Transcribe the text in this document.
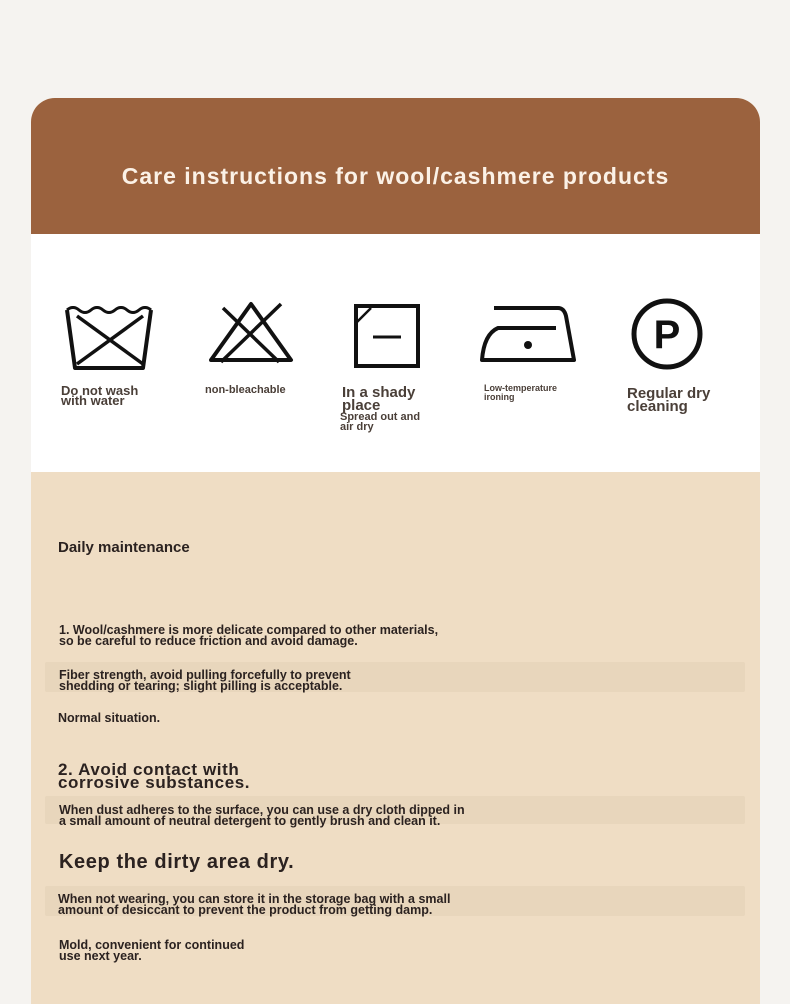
Care instructions for wool/cashmere products
Do not wash
with water
non-bleachable	In a shady
place
Spread out and
air dry
Low-temperature
ironing
P
Regular dry
cleaning
Daily maintenance
1. Wool/cashmere is more delicate compared to other materials,
so be careful to reduce friction and avoid damage.
Fiber strength, avoid pulling forcefully to prevent
shedding or tearing; slight pilling is acceptable.
Normal situation.
2. Avoid contact with
corrosive substances.
When dust adheres to the surface, you can use a dry cloth dipped in
a small amount of neutral detergent to gently brush and clean it.
Keep the dirty area dry.
When not wearing, you can store it in the storage bag with a small
amount of desiccant to prevent the product from getting damp.
Mold, convenient for continued
use next year.
